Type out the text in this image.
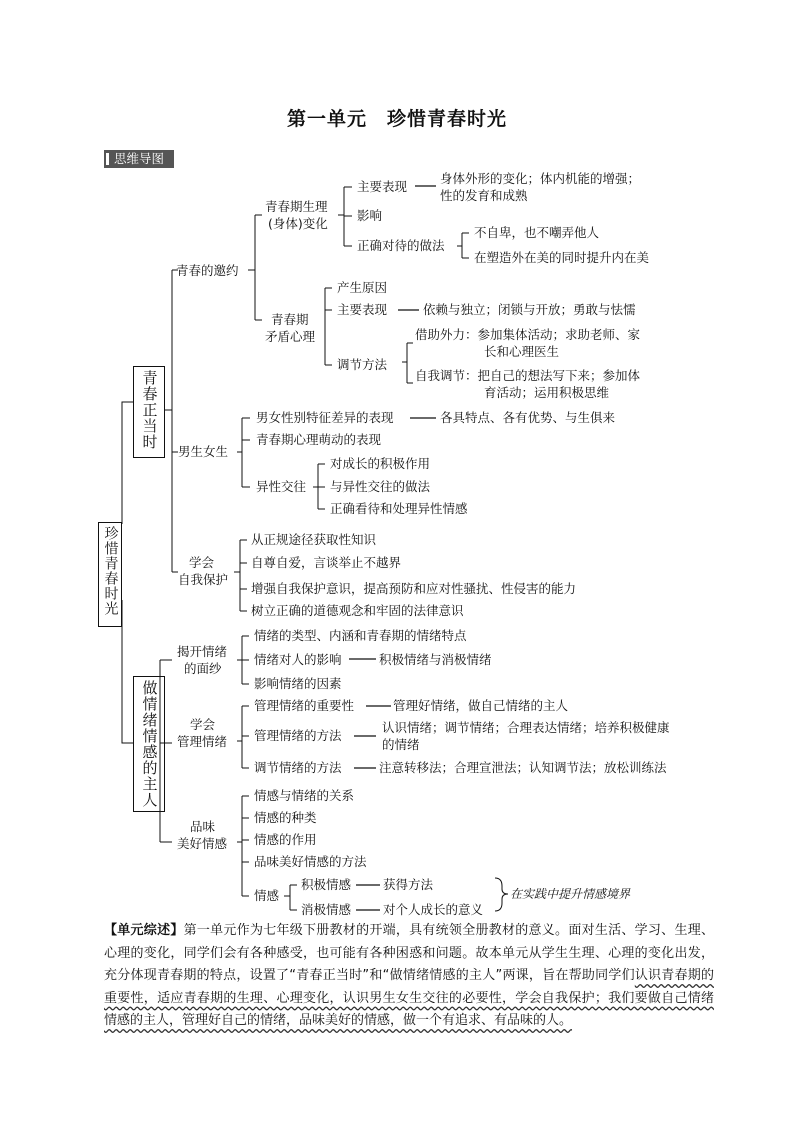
第一单元　珍惜青春时光
思维导图
珍惜青春时光
青春正当时
做情绪情感的主人
青春的邀约
青春期生理
(身体)变化
主要表现
身体外形的变化；体内机能的增强；
性的发育和成熟
影响
正确对待的做法
不自卑，也不嘲弄他人
在塑造外在美的同时提升内在美
青春期
矛盾心理
产生原因
主要表现	依赖与独立；闭锁与开放；勇敢与怯懦
调节方法
借助外力：参加集体活动；求助老师、家
长和心理医生
自我调节：把自己的想法写下来；参加体
育活动；运用积极思维
男生女生
男女性别特征差异的表现	各具特点、各有优势、与生俱来
青春期心理萌动的表现
异性交往
对成长的积极作用
与异性交往的做法
正确看待和处理异性情感
学会
自我保护
从正规途径获取性知识
自尊自爱，言谈举止不越界
增强自我保护意识，提高预防和应对性骚扰、性侵害的能力
树立正确的道德观念和牢固的法律意识
揭开情绪
的面纱
情绪的类型、内涵和青春期的情绪特点
情绪对人的影响	积极情绪与消极情绪
影响情绪的因素
学会
管理情绪
管理情绪的重要性	管理好情绪，做自己情绪的主人
管理情绪的方法
认识情绪；调节情绪；合理表达情绪；培养积极健康
的情绪
调节情绪的方法	注意转移法；合理宣泄法；认知调节法；放松训练法
品味
美好情感
情感与情绪的关系
情感的种类
情感的作用
品味美好情感的方法
情感
积极情感	获得方法
消极情感	对个人成长的意义
在实践中提升情感境界
【单元综述】第一单元作为七年级下册教材的开端，具有统领全册教材的意义。面对生活、学习、生理、心理的变化，同学们会有各种感受，也可能有各种困惑和问题。故本单元从学生生理、心理的变化出发，充分体现青春期的特点，设置了“青春正当时”和“做情绪情感的主人”两课，旨在帮助同学们认识青春期的重要性，适应青春期的生理、心理变化，认识男生女生交往的必要性，学会自我保护；我们要做自己情绪情感的主人，管理好自己的情绪，品味美好的情感，做一个有追求、有品味的人。
